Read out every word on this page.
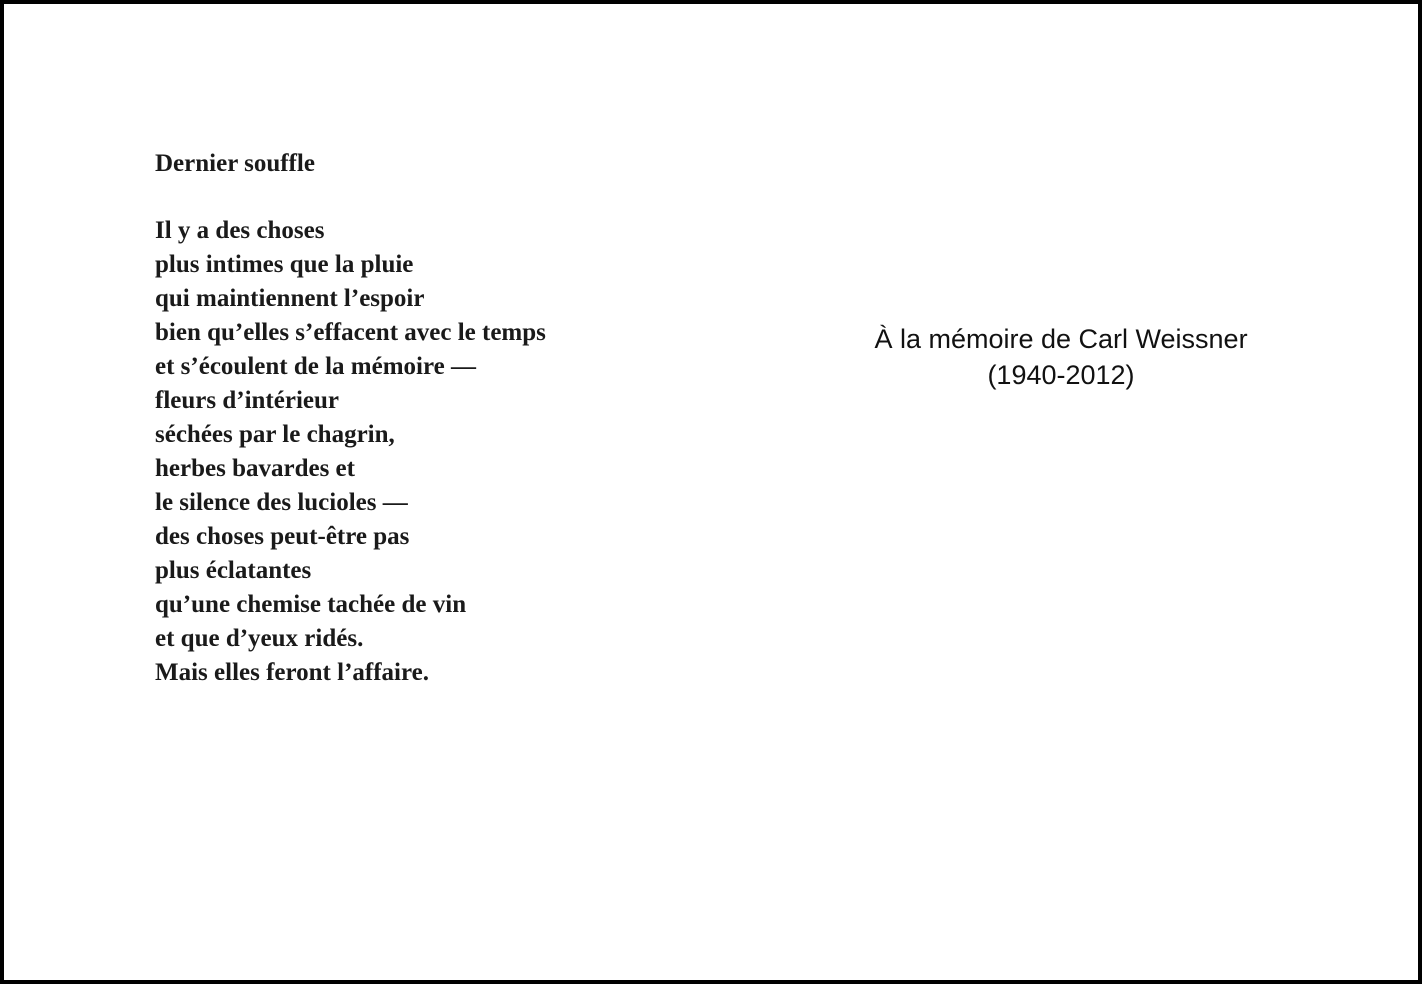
Dernier souffle
Il y a des choses
plus intimes que la pluie
qui maintiennent l’espoir
bien qu’elles s’effacent avec le temps
et s’écoulent de la mémoire —
fleurs d’intérieur
séchées par le chagrin,
herbes bavardes et
le silence des lucioles —
des choses peut-être pas
plus éclatantes
qu’une chemise tachée de vin
et que d’yeux ridés.
Mais elles feront l’affaire.
À la mémoire de Carl Weissner
(1940-2012)
